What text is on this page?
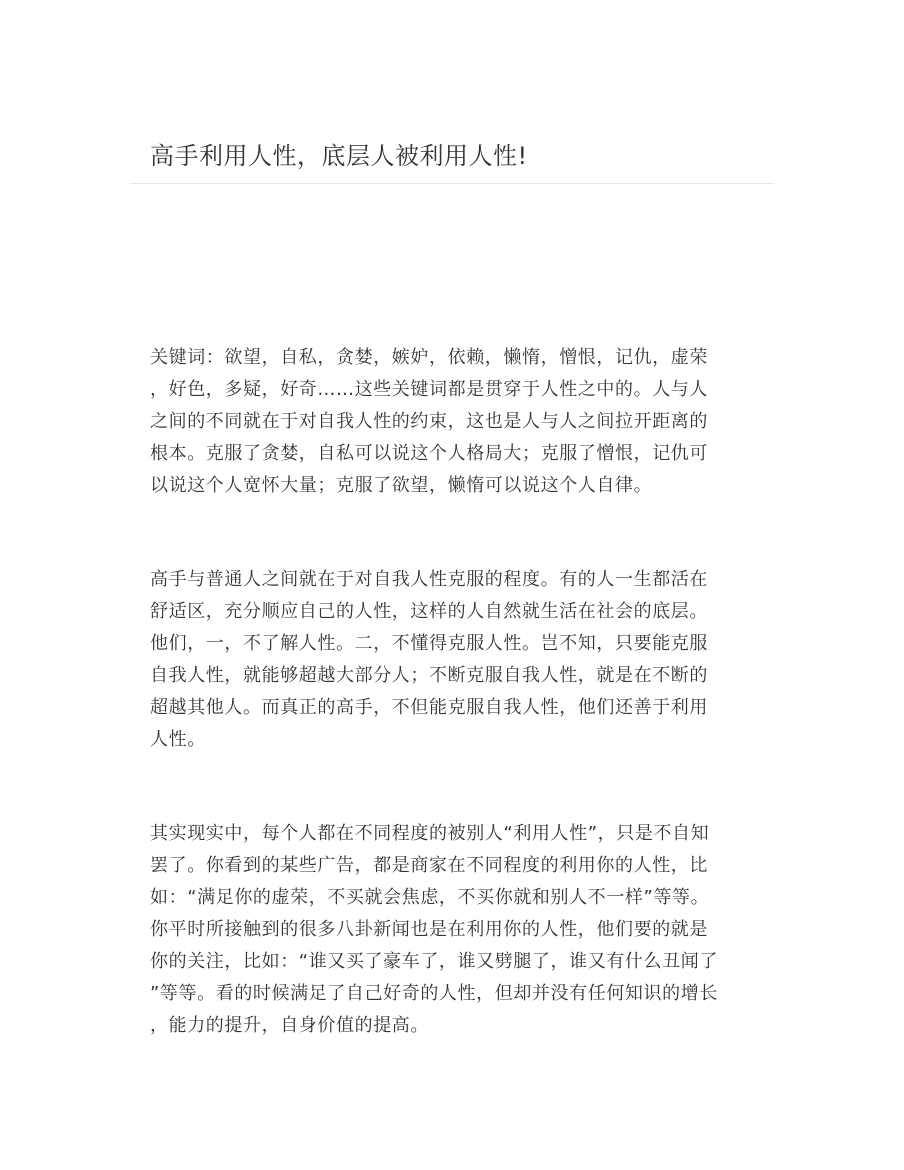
高手利用人性，底层人被利用人性!
关键词：欲望，自私，贪婪，嫉妒，依赖，懒惰，憎恨，记仇，虚荣
，好色，多疑，好奇……这些关键词都是贯穿于人性之中的。人与人
之间的不同就在于对自我人性的约束，这也是人与人之间拉开距离的
根本。克服了贪婪，自私可以说这个人格局大；克服了憎恨，记仇可
以说这个人宽怀大量；克服了欲望，懒惰可以说这个人自律。
高手与普通人之间就在于对自我人性克服的程度。有的人一生都活在
舒适区，充分顺应自己的人性，这样的人自然就生活在社会的底层。
他们，一，不了解人性。二，不懂得克服人性。岂不知，只要能克服
自我人性，就能够超越大部分人；不断克服自我人性，就是在不断的
超越其他人。而真正的高手，不但能克服自我人性，他们还善于利用
人性。
其实现实中，每个人都在不同程度的被别人“利用人性”，只是不自知
罢了。你看到的某些广告，都是商家在不同程度的利用你的人性，比
如：“满足你的虚荣，不买就会焦虑，不买你就和别人不一样”等等。
你平时所接触到的很多八卦新闻也是在利用你的人性，他们要的就是
你的关注，比如：“谁又买了豪车了，谁又劈腿了，谁又有什么丑闻了
”等等。看的时候满足了自己好奇的人性，但却并没有任何知识的增长
，能力的提升，自身价值的提高。
